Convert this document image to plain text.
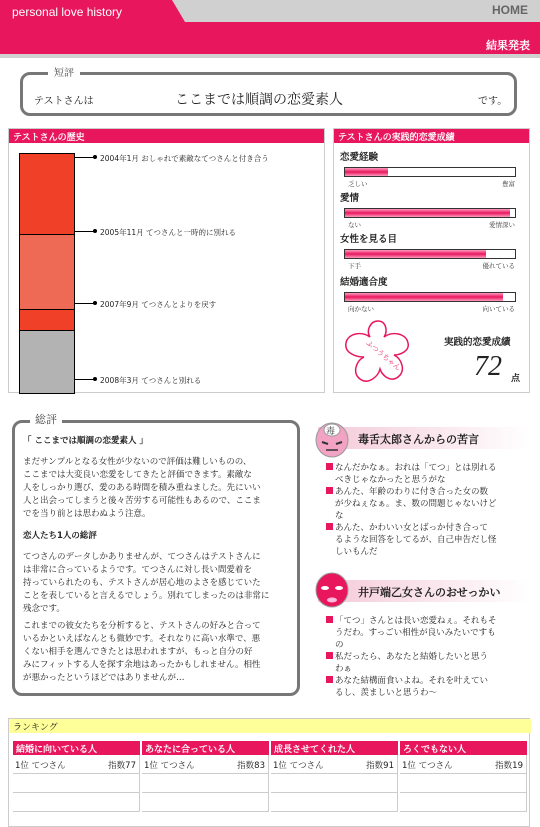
personal love history	HOME
結果発表
短評
テストさんは	ここまでは順調の恋愛素人	です。
テストさんの歴史
2004年1月 おしゃれで素敵なてつさんと付き合う
2005年11月 てつさんと一時的に別れる
2007年9月 てつさんとよりを戻す
2008年3月 てつさんと別れる
テストさんの実践的恋愛成績
恋愛経験
乏しい	豊富
愛情
ない	愛情深い
女性を見る目
下手	優れている
結婚適合度
向かない	向いている
ふつうちゃん	実践的恋愛成績
72 点
「 ここまでは順調の恋愛素人 」
まだサンプルとなる女性が少ないので評価は難しいものの、
ここまでは大変良い恋愛をしてきたと評価できます。素敵な
人をしっかり選び、愛のある時間を積み重ねました。先にいい
人と出会ってしまうと後々苦労する可能性もあるので、ここま
でを当り前とは思わぬよう注意。
恋人たち1人の総評
てつさんのデータしかありませんが、てつさんはテストさんに
は非常に合っているようです。てつさんに対し長い間愛着を
持っていられたのも、テストさんが居心地のよさを感じていた
ことを表していると言えるでしょう。別れてしまったのは非常に
残念です。
これまでの彼女たちを分析すると、テストさんの好みと合って
いるかといえばなんとも微妙です。それなりに高い水準で、悪
くない相手を選んできたとは思われますが、もっと自分の好
みにフィットする人を探す余地はあったかもしれません。相性
が悪かったというほどではありませんが…
総評
毒舌太郎さんからの苦言
毒
なんだかなぁ。おれは「てつ」とは別れる
べきじゃなかったと思うがな
あんた、年齢のわりに付き合った女の数
が少ねぇなぁ。ま、数の問題じゃないけど
な
あんた、かわいい女とばっか付き合って
るような回答をしてるが、自己申告だし怪
しいもんだ
井戸端乙女さんのおせっかい
「てつ」さんとは長い恋愛ねぇ。それもそ
うだわ。すっごい相性が良いみたいですも
の
私だったら、あなたと結婚したいと思う
わぁ
あなた結構面食いよね。それを叶えてい
るし、羨ましいと思うわ〜
ランキング
結婚に向いている人
1位 てつさん	指数77
あなたに合っている人
1位 てつさん	指数83
成長させてくれた人
1位 てつさん	指数91
ろくでもない人
1位 てつさん	指数19
